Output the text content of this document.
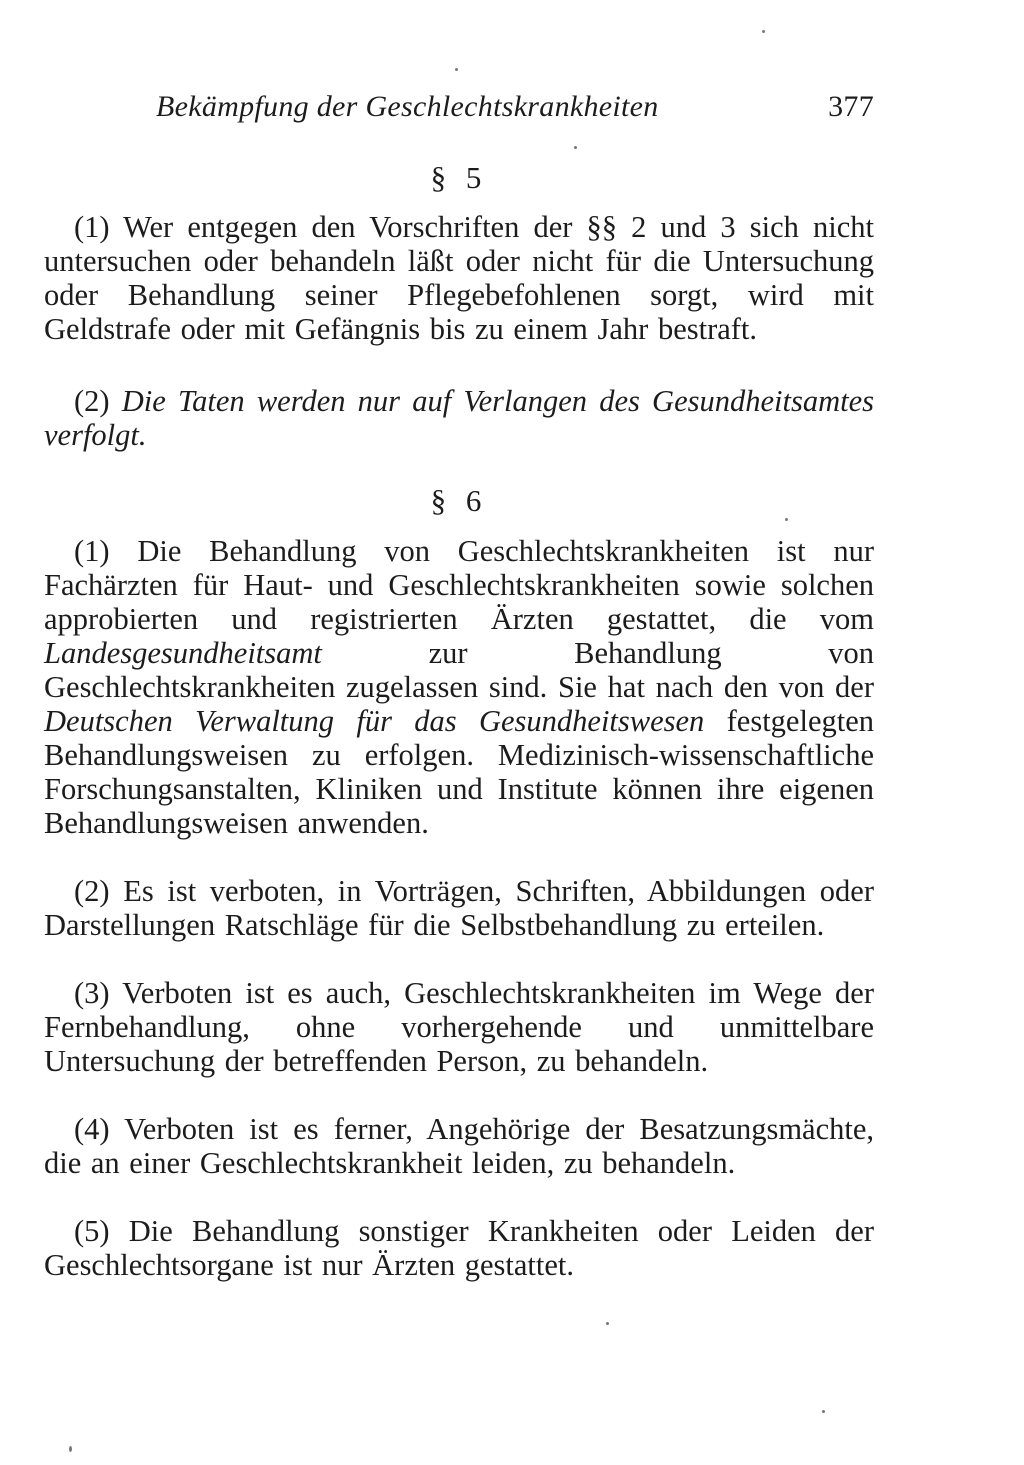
Bekämpfung der Geschlechtskrankheiten	377
§ 5

(1) Wer entgegen den Vorschriften der §§ 2 und 3 sich nicht untersuchen oder behandeln läßt oder nicht für die Untersuchung oder Behandlung seiner Pflegebefohlenen sorgt, wird mit Geldstrafe oder mit Gefängnis bis zu einem Jahr bestraft.

(2) Die Taten werden nur auf Verlangen des Gesundheitsamtes verfolgt.

§ 6

(1) Die Behandlung von Geschlechtskrankheiten ist nur Fachärzten für Haut- und Geschlechtskrankheiten sowie solchen approbierten und registrierten Ärzten gestattet, die vom Landesgesundheitsamt zur Behandlung von Geschlechtskrankheiten zugelassen sind. Sie hat nach den von der Deutschen Verwaltung für das Gesundheitswesen festgelegten Behandlungsweisen zu erfolgen. Medizinisch-wissenschaftliche Forschungsanstalten, Kliniken und Institute können ihre eigenen Behandlungsweisen anwenden.

(2) Es ist verboten, in Vorträgen, Schriften, Abbildungen oder Darstellungen Ratschläge für die Selbstbehandlung zu erteilen.

(3) Verboten ist es auch, Geschlechtskrankheiten im Wege der Fernbehandlung, ohne vorhergehende und unmittelbare Untersuchung der betreffenden Person, zu behandeln.

(4) Verboten ist es ferner, Angehörige der Besatzungsmächte, die an einer Geschlechtskrankheit leiden, zu behandeln.

(5) Die Behandlung sonstiger Krankheiten oder Leiden der Geschlechtsorgane ist nur Ärzten gestattet.
